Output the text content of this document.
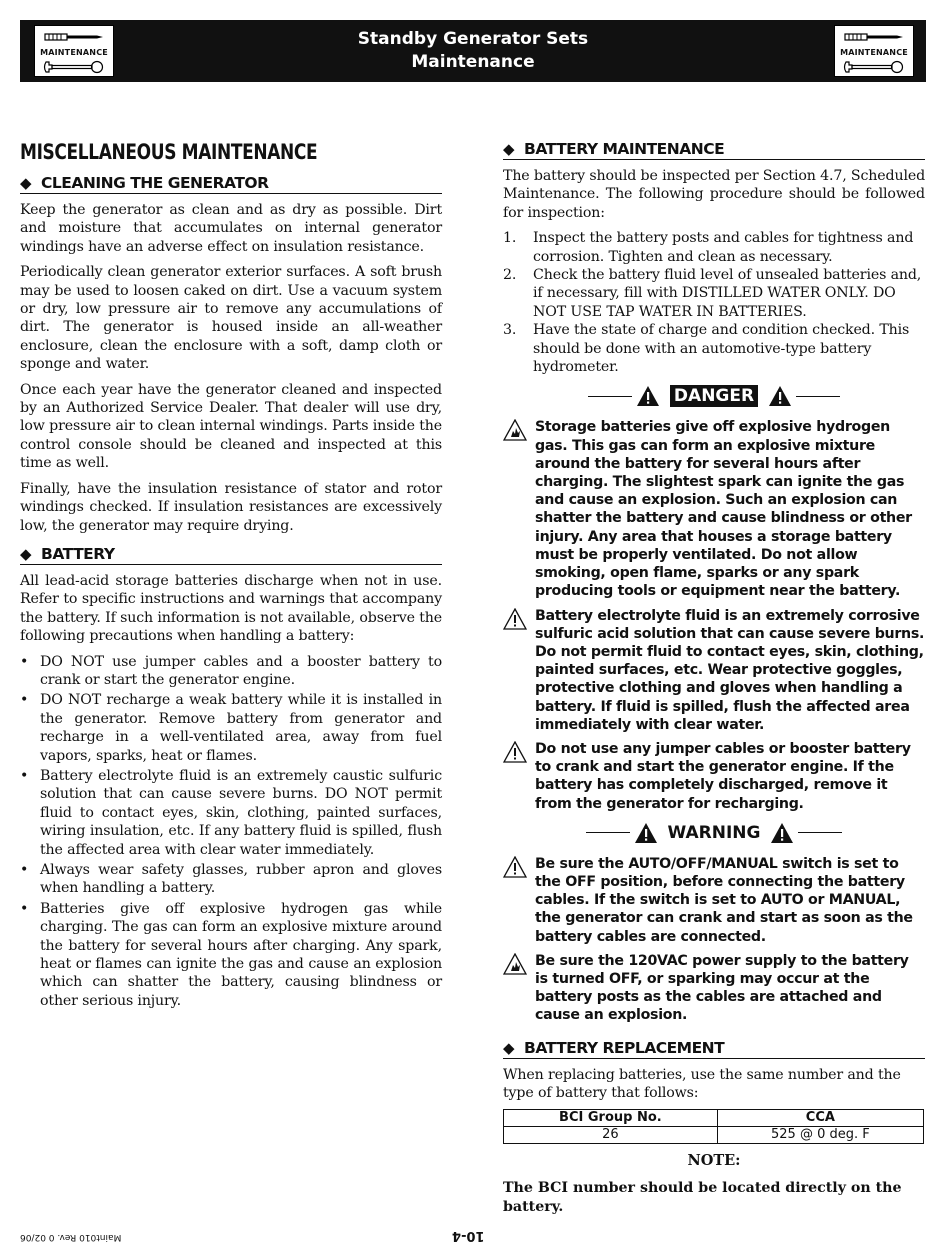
MAINTENANCE
Standby Generator Sets
Maintenance	MAINTENANCE
MISCELLANEOUS MAINTENANCE
◆ CLEANING THE GENERATOR

Keep the generator as clean and as dry as possible. Dirt and moisture that accumulates on internal generator windings have an adverse effect on insulation resistance.

Periodically clean generator exterior surfaces. A soft brush may be used to loosen caked on dirt. Use a vacuum system or dry, low pressure air to remove any accumulations of dirt. The generator is housed inside an all-weather enclosure, clean the enclosure with a soft, damp cloth or sponge and water.

Once each year have the generator cleaned and inspected by an Authorized Service Dealer. That dealer will use dry, low pressure air to clean internal windings. Parts inside the control console should be cleaned and inspected at this time as well.

Finally, have the insulation resistance of stator and rotor windings checked. If insulation resistances are excessively low, the generator may require drying.

◆ BATTERY

All lead-acid storage batteries discharge when not in use. Refer to specific instructions and warnings that accompany the battery. If such information is not available, observe the following precautions when handling a battery:

• DO NOT use jumper cables and a booster battery to crank or start the generator engine.
• DO NOT recharge a weak battery while it is installed in the generator. Remove battery from generator and recharge in a well-ventilated area, away from fuel vapors, sparks, heat or flames.
• Battery electrolyte fluid is an extremely caustic sulfuric solution that can cause severe burns. DO NOT permit fluid to contact eyes, skin, clothing, painted surfaces, wiring insulation, etc. If any battery fluid is spilled, flush the affected area with clear water immediately.
• Always wear safety glasses, rubber apron and gloves when handling a battery.
• Batteries give off explosive hydrogen gas while charging. The gas can form an explosive mixture around the battery for several hours after charging. Any spark, heat or flames can ignite the gas and cause an explosion which can shatter the battery, causing blindness or other serious injury.
◆ BATTERY MAINTENANCE

The battery should be inspected per Section 4.7, Scheduled Maintenance. The following procedure should be followed for inspection:

1. Inspect the battery posts and cables for tightness and corrosion. Tighten and clean as necessary.
2. Check the battery fluid level of unsealed batteries and, if necessary, fill with DISTILLED WATER ONLY. DO NOT USE TAP WATER IN BATTERIES.
3. Have the state of charge and condition checked. This should be done with an automotive-type battery hydrometer.
DANGER
Storage batteries give off explosive hydrogen gas. This gas can form an explosive mixture around the battery for several hours after charging. The slightest spark can ignite the gas and cause an explosion. Such an explosion can shatter the battery and cause blindness or other injury. Any area that houses a storage battery must be properly ventilated. Do not allow smoking, open flame, sparks or any spark producing tools or equipment near the battery.
Battery electrolyte fluid is an extremely corrosive sulfuric acid solution that can cause severe burns. Do not permit fluid to contact eyes, skin, clothing, painted surfaces, etc. Wear protective goggles, protective clothing and gloves when handling a battery. If fluid is spilled, flush the affected area immediately with clear water.
Do not use any jumper cables or booster battery to crank and start the generator engine. If the battery has completely discharged, remove it from the generator for recharging.
WARNING
Be sure the AUTO/OFF/MANUAL switch is set to the OFF position, before connecting the battery cables. If the switch is set to AUTO or MANUAL, the generator can crank and start as soon as the battery cables are connected.
Be sure the 120VAC power supply to the battery is turned OFF, or sparking may occur at the battery posts as the cables are attached and cause an explosion.
◆ BATTERY REPLACEMENT

When replacing batteries, use the same number and the type of battery that follows:

BCI Group No.	CCA
26	525 @ 0 deg. F
NOTE:
The BCI number should be located directly on the battery.
Maint010 Rev. 0 02/06	10-4
